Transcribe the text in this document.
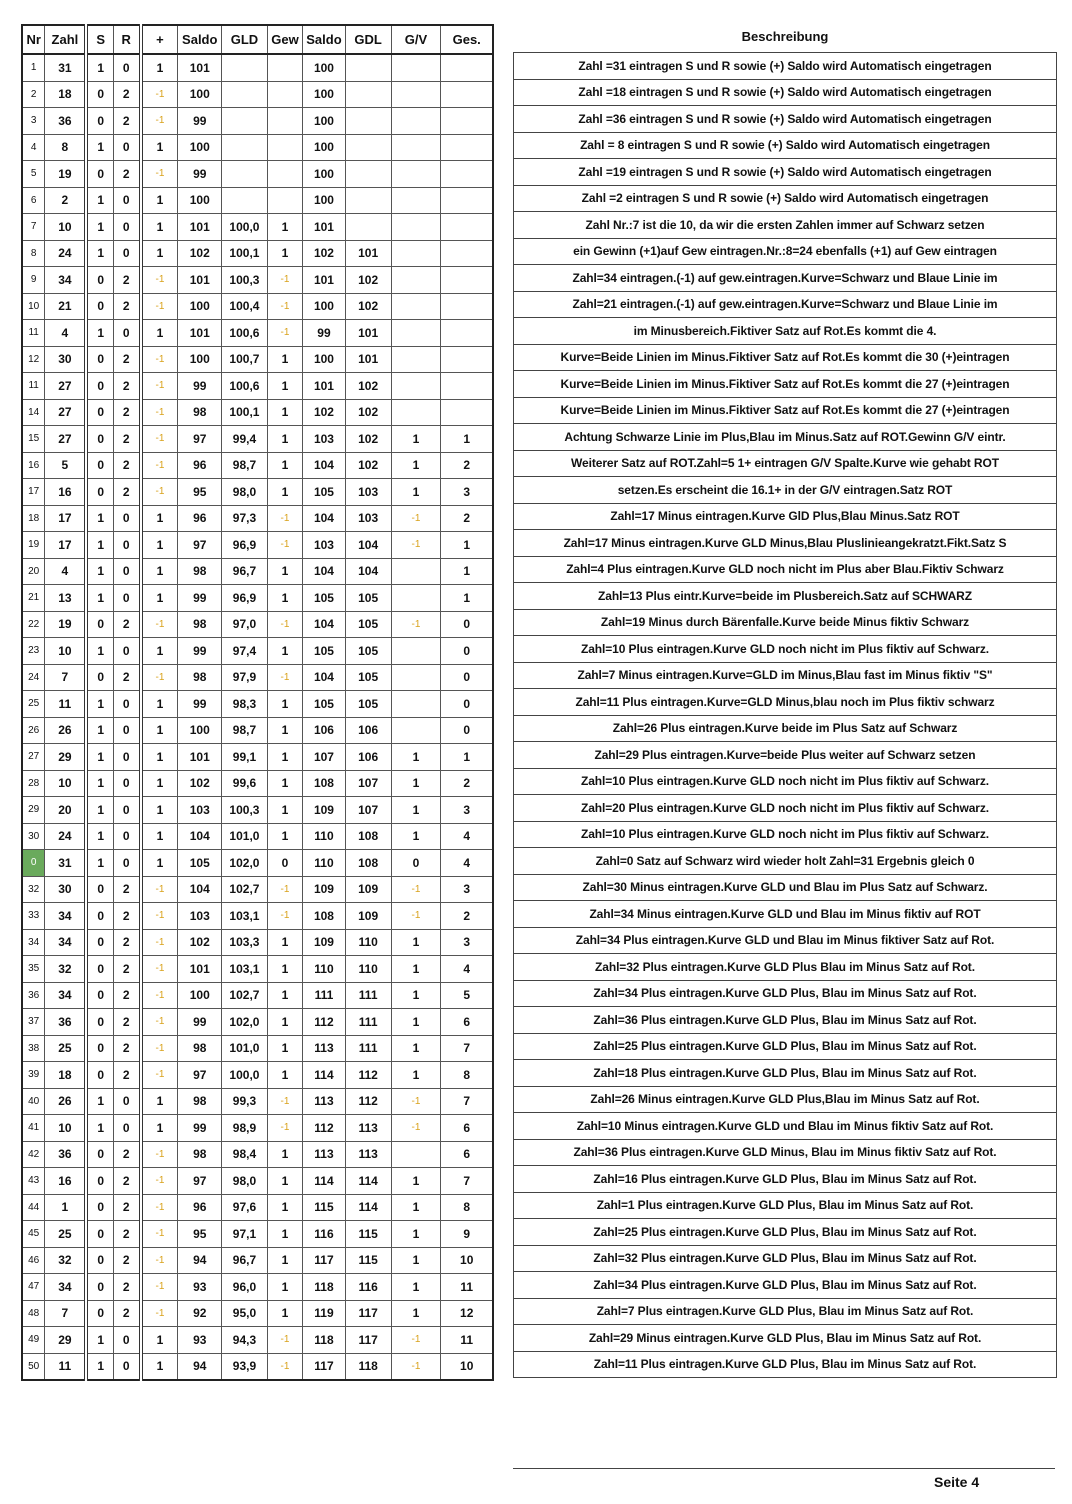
Nr	Zahl	S	R	+	Saldo	GLD	Gew	Saldo	GDL	G/V	Ges.
1	31	1	0	1	101			100			
2	18	0	2	-1	100			100			
3	36	0	2	-1	99			100			
4	8	1	0	1	100			100			
5	19	0	2	-1	99			100			
6	2	1	0	1	100			100			
7	10	1	0	1	101	100,0	1	101			
8	24	1	0	1	102	100,1	1	102	101		
9	34	0	2	-1	101	100,3	-1	101	102		
10	21	0	2	-1	100	100,4	-1	100	102		
11	4	1	0	1	101	100,6	-1	99	101		
12	30	0	2	-1	100	100,7	1	100	101		
11	27	0	2	-1	99	100,6	1	101	102		
14	27	0	2	-1	98	100,1	1	102	102		
15	27	0	2	-1	97	99,4	1	103	102	1	1
16	5	0	2	-1	96	98,7	1	104	102	1	2
17	16	0	2	-1	95	98,0	1	105	103	1	3
18	17	1	0	1	96	97,3	-1	104	103	-1	2
19	17	1	0	1	97	96,9	-1	103	104	-1	1
20	4	1	0	1	98	96,7	1	104	104		1
21	13	1	0	1	99	96,9	1	105	105		1
22	19	0	2	-1	98	97,0	-1	104	105	-1	0
23	10	1	0	1	99	97,4	1	105	105		0
24	7	0	2	-1	98	97,9	-1	104	105		0
25	11	1	0	1	99	98,3	1	105	105		0
26	26	1	0	1	100	98,7	1	106	106		0
27	29	1	0	1	101	99,1	1	107	106	1	1
28	10	1	0	1	102	99,6	1	108	107	1	2
29	20	1	0	1	103	100,3	1	109	107	1	3
30	24	1	0	1	104	101,0	1	110	108	1	4
0	31	1	0	1	105	102,0	0	110	108	0	4
32	30	0	2	-1	104	102,7	-1	109	109	-1	3
33	34	0	2	-1	103	103,1	-1	108	109	-1	2
34	34	0	2	-1	102	103,3	1	109	110	1	3
35	32	0	2	-1	101	103,1	1	110	110	1	4
36	34	0	2	-1	100	102,7	1	111	111	1	5
37	36	0	2	-1	99	102,0	1	112	111	1	6
38	25	0	2	-1	98	101,0	1	113	111	1	7
39	18	0	2	-1	97	100,0	1	114	112	1	8
40	26	1	0	1	98	99,3	-1	113	112	-1	7
41	10	1	0	1	99	98,9	-1	112	113	-1	6
42	36	0	2	-1	98	98,4	1	113	113		6
43	16	0	2	-1	97	98,0	1	114	114	1	7
44	1	0	2	-1	96	97,6	1	115	114	1	8
45	25	0	2	-1	95	97,1	1	116	115	1	9
46	32	0	2	-1	94	96,7	1	117	115	1	10
47	34	0	2	-1	93	96,0	1	118	116	1	11
48	7	0	2	-1	92	95,0	1	119	117	1	12
49	29	1	0	1	93	94,3	-1	118	117	-1	11
50	11	1	0	1	94	93,9	-1	117	118	-1	10
Beschreibung
Zahl =31 eintragen S und R sowie (+) Saldo wird Automatisch eingetragen
Zahl =18 eintragen S und R sowie (+) Saldo wird Automatisch eingetragen
Zahl =36 eintragen S und R sowie (+) Saldo wird Automatisch eingetragen
Zahl = 8 eintragen S und R sowie (+) Saldo wird Automatisch eingetragen
Zahl =19 eintragen S und R sowie (+) Saldo wird Automatisch eingetragen
Zahl =2 eintragen S und R sowie (+) Saldo wird Automatisch eingetragen
Zahl Nr.:7 ist die 10, da wir die ersten Zahlen immer auf Schwarz setzen
ein Gewinn (+1)auf Gew eintragen.Nr.:8=24 ebenfalls (+1) auf Gew eintragen
Zahl=34 eintragen.(-1) auf gew.eintragen.Kurve=Schwarz und Blaue Linie im
Zahl=21 eintragen.(-1) auf gew.eintragen.Kurve=Schwarz und Blaue Linie im
im Minusbereich.Fiktiver Satz auf Rot.Es kommt die 4.
Kurve=Beide Linien im Minus.Fiktiver Satz auf Rot.Es kommt die 30 (+)eintragen
Kurve=Beide Linien im Minus.Fiktiver Satz auf Rot.Es kommt die 27 (+)eintragen
Kurve=Beide Linien im Minus.Fiktiver Satz auf Rot.Es kommt die 27 (+)eintragen
Achtung Schwarze Linie im Plus,Blau im Minus.Satz auf ROT.Gewinn G/V eintr.
Weiterer Satz auf ROT.Zahl=5 1+ eintragen G/V Spalte.Kurve wie gehabt ROT
setzen.Es erscheint die 16.1+ in der G/V eintragen.Satz ROT
Zahl=17 Minus eintragen.Kurve GlD Plus,Blau Minus.Satz ROT
Zahl=17 Minus eintragen.Kurve GLD Minus,Blau Pluslinieangekratzt.Fikt.Satz S
Zahl=4 Plus eintragen.Kurve GLD noch nicht im Plus aber Blau.Fiktiv Schwarz
Zahl=13 Plus eintr.Kurve=beide im Plusbereich.Satz auf SCHWARZ
Zahl=19 Minus durch Bärenfalle.Kurve beide Minus fiktiv Schwarz
Zahl=10 Plus eintragen.Kurve GLD noch nicht im Plus fiktiv auf Schwarz.
Zahl=7 Minus eintragen.Kurve=GLD im Minus,Blau fast im Minus fiktiv "S"
Zahl=11 Plus eintragen.Kurve=GLD Minus,blau noch im Plus fiktiv schwarz
Zahl=26 Plus eintragen.Kurve beide im Plus Satz auf Schwarz
Zahl=29 Plus eintragen.Kurve=beide Plus weiter auf Schwarz setzen
Zahl=10 Plus eintragen.Kurve GLD noch nicht im Plus fiktiv auf Schwarz.
Zahl=20 Plus eintragen.Kurve GLD noch nicht im Plus fiktiv auf Schwarz.
Zahl=10 Plus eintragen.Kurve GLD noch nicht im Plus fiktiv auf Schwarz.
Zahl=0 Satz auf Schwarz wird wieder holt Zahl=31 Ergebnis gleich 0
Zahl=30 Minus eintragen.Kurve GLD und Blau im Plus Satz auf Schwarz.
Zahl=34 Minus eintragen.Kurve GLD und Blau im Minus fiktiv auf ROT
Zahl=34 Plus eintragen.Kurve GLD und Blau im Minus fiktiver Satz auf Rot.
Zahl=32 Plus eintragen.Kurve GLD Plus Blau im Minus Satz auf Rot.
Zahl=34 Plus eintragen.Kurve GLD Plus, Blau im Minus Satz auf Rot.
Zahl=36 Plus eintragen.Kurve GLD Plus, Blau im Minus Satz auf Rot.
Zahl=25 Plus eintragen.Kurve GLD Plus, Blau im Minus Satz auf Rot.
Zahl=18 Plus eintragen.Kurve GLD Plus, Blau im Minus Satz auf Rot.
Zahl=26 Minus eintragen.Kurve GLD Plus,Blau im Minus Satz auf Rot.
Zahl=10 Minus eintragen.Kurve GLD und Blau im Minus fiktiv Satz auf Rot.
Zahl=36 Plus eintragen.Kurve GLD Minus, Blau im Minus fiktiv Satz auf Rot.
Zahl=16 Plus eintragen.Kurve GLD Plus, Blau im Minus Satz auf Rot.
Zahl=1 Plus eintragen.Kurve GLD Plus, Blau im Minus Satz auf Rot.
Zahl=25 Plus eintragen.Kurve GLD Plus, Blau im Minus Satz auf Rot.
Zahl=32 Plus eintragen.Kurve GLD Plus, Blau im Minus Satz auf Rot.
Zahl=34 Plus eintragen.Kurve GLD Plus, Blau im Minus Satz auf Rot.
Zahl=7 Plus eintragen.Kurve GLD Plus, Blau im Minus Satz auf Rot.
Zahl=29 Minus eintragen.Kurve GLD Plus, Blau im Minus Satz auf Rot.
Zahl=11 Plus eintragen.Kurve GLD Plus, Blau im Minus Satz auf Rot.
Seite 4
